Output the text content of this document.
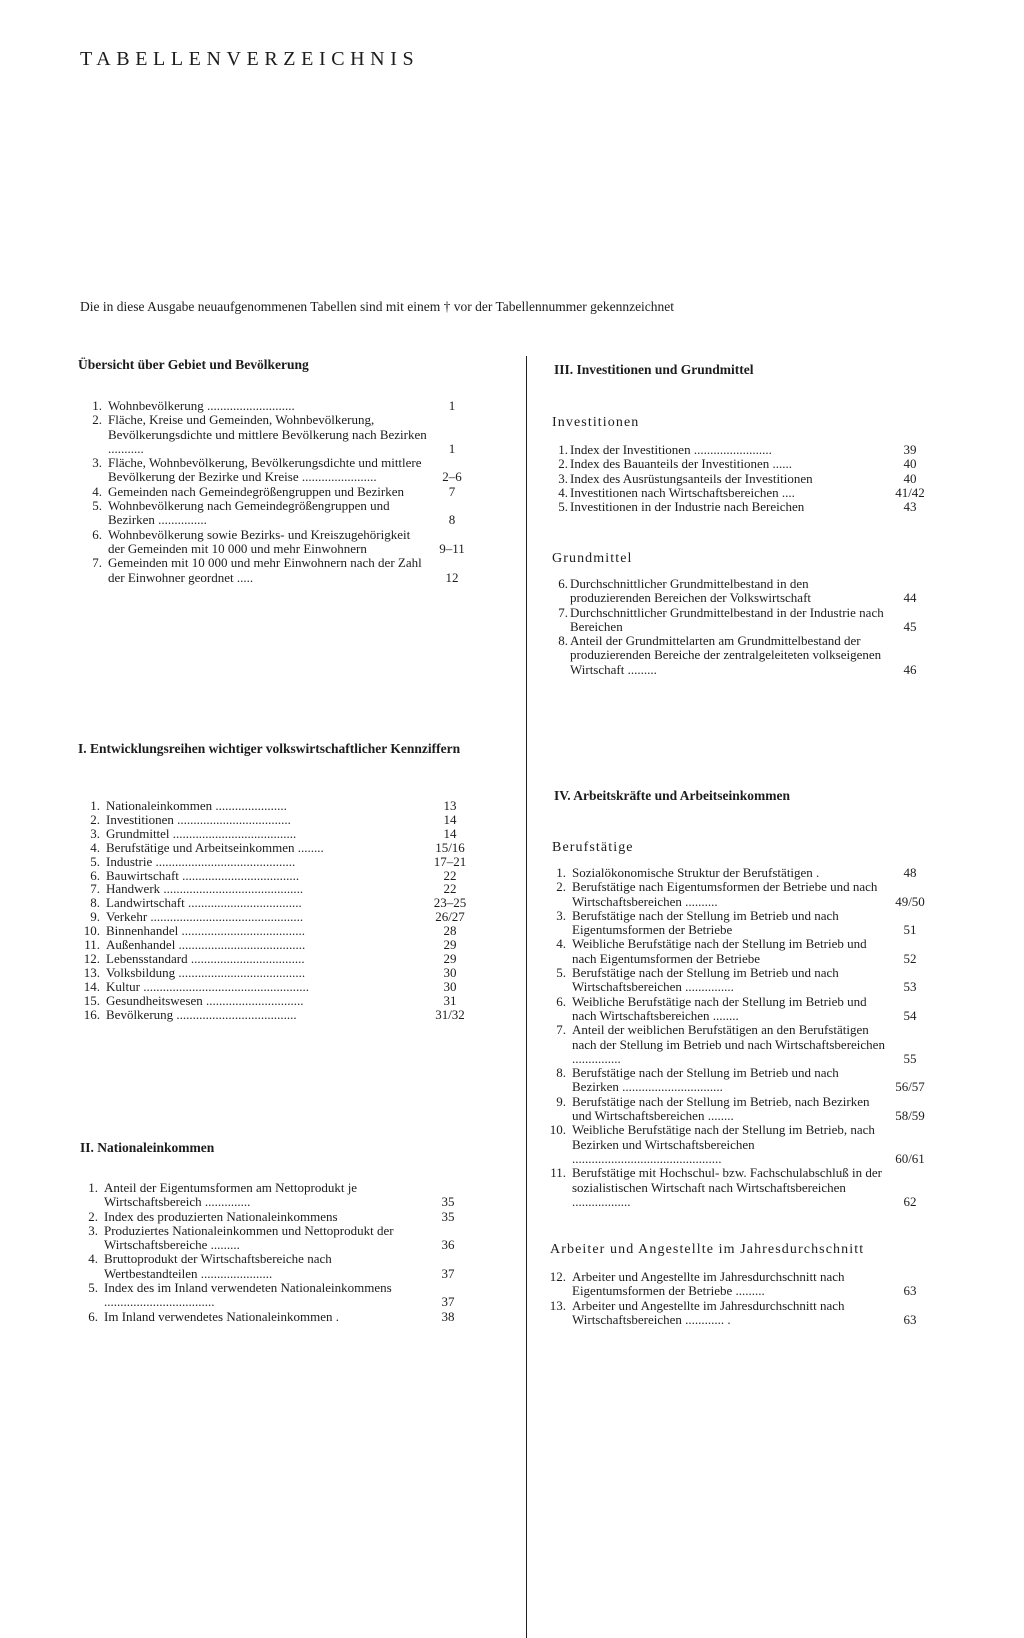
TABELLENVERZEICHNIS
Die in diese Ausgabe neuaufgenommenen Tabellen sind mit einem † vor der Tabellennummer gekennzeichnet
Übersicht über Gebiet und Bevölkerung
1. Wohnbevölkerung ...........................	1
2. Fläche, Kreise und Gemeinden, Wohnbevölkerung, Bevölkerungsdichte und mittlere Bevölkerung nach Bezirken ...........	1
3. Fläche, Wohnbevölkerung, Bevölkerungsdichte und mittlere Bevölkerung der Bezirke und Kreise .......................	2–6
4. Gemeinden nach Gemeindegrößengruppen und Bezirken	7
5. Wohnbevölkerung nach Gemeindegrößengruppen und Bezirken ...............	8
6. Wohnbevölkerung sowie Bezirks- und Kreiszugehörigkeit der Gemeinden mit 10 000 und mehr Einwohnern	9–11
7. Gemeinden mit 10 000 und mehr Einwohnern nach der Zahl der Einwohner geordnet .....	12
I. Entwicklungsreihen wichtiger volkswirtschaftlicher Kennziffern
1. Nationaleinkommen ......................	13
2. Investitionen ...................................	14
3. Grundmittel ......................................	14
4. Berufstätige und Arbeitseinkommen ........	15/16
5. Industrie ...........................................	17–21
6. Bauwirtschaft ....................................	22
7. Handwerk ...........................................	22
8. Landwirtschaft ...................................	23–25
9. Verkehr ...............................................	26/27
10. Binnenhandel ......................................	28
11. Außenhandel .......................................	29
12. Lebensstandard ...................................	29
13. Volksbildung .......................................	30
14. Kultur ...................................................	30
15. Gesundheitswesen ..............................	31
16. Bevölkerung .....................................	31/32
II. Nationaleinkommen
1. Anteil der Eigentumsformen am Nettoprodukt je Wirtschaftsbereich ..............	35
2. Index des produzierten Nationaleinkommens	35
3. Produziertes Nationaleinkommen und Nettoprodukt der Wirtschaftsbereiche .........	36
4. Bruttoprodukt der Wirtschaftsbereiche nach Wertbestandteilen ......................	37
5. Index des im Inland verwendeten Nationaleinkommens ..................................	37
6. Im Inland verwendetes Nationaleinkommen .	38
III. Investitionen und Grundmittel
Investitionen
1. Index der Investitionen ........................	39
2. Index des Bauanteils der Investitionen ......	40
3. Index des Ausrüstungsanteils der Investitionen	40
4. Investitionen nach Wirtschaftsbereichen ....	41/42
5. Investitionen in der Industrie nach Bereichen	43
Grundmittel
6. Durchschnittlicher Grundmittelbestand in den produzierenden Bereichen der Volkswirtschaft	44
7. Durchschnittlicher Grundmittelbestand in der Industrie nach Bereichen	45
8. Anteil der Grundmittelarten am Grundmittelbestand der produzierenden Bereiche der zentralgeleiteten volkseigenen Wirtschaft .........	46
IV. Arbeitskräfte und Arbeitseinkommen
Berufstätige
1. Sozialökonomische Struktur der Berufstätigen .	48
2. Berufstätige nach Eigentumsformen der Betriebe und nach Wirtschaftsbereichen ..........	49/50
3. Berufstätige nach der Stellung im Betrieb und nach Eigentumsformen der Betriebe	51
4. Weibliche Berufstätige nach der Stellung im Betrieb und nach Eigentumsformen der Betriebe	52
5. Berufstätige nach der Stellung im Betrieb und nach Wirtschaftsbereichen ...............	53
6. Weibliche Berufstätige nach der Stellung im Betrieb und nach Wirtschaftsbereichen ........	54
7. Anteil der weiblichen Berufstätigen an den Berufstätigen nach der Stellung im Betrieb und nach Wirtschaftsbereichen ...............	55
8. Berufstätige nach der Stellung im Betrieb und nach Bezirken ...............................	56/57
9. Berufstätige nach der Stellung im Betrieb, nach Bezirken und Wirtschaftsbereichen ........	58/59
10. Weibliche Berufstätige nach der Stellung im Betrieb, nach Bezirken und Wirtschaftsbereichen ..............................................	60/61
11. Berufstätige mit Hochschul- bzw. Fachschulabschluß in der sozialistischen Wirtschaft nach Wirtschaftsbereichen ..................	62
Arbeiter und Angestellte im Jahresdurchschnitt
12. Arbeiter und Angestellte im Jahresdurchschnitt nach Eigentumsformen der Betriebe .........	63
13. Arbeiter und Angestellte im Jahresdurchschnitt nach Wirtschaftsbereichen ............ .	63
